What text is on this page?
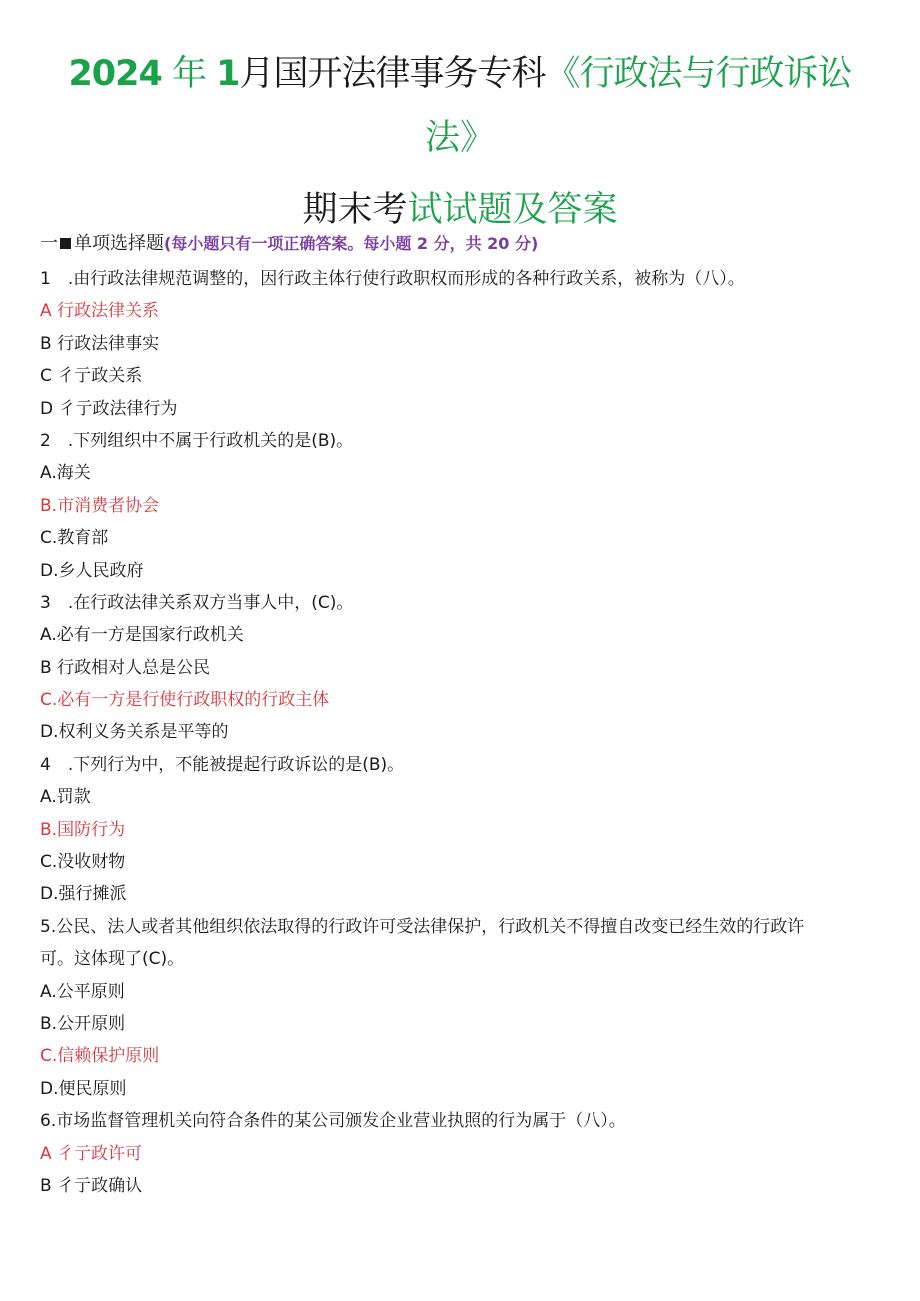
2024 年 1月国开法律事务专科《行政法与行政诉讼
法》
期末考试试题及答案
一 单项选择题(每小题只有一项正确答案。每小题 2 分，共 20 分)
1　.由行政法律规范调整的，因行政主体行使行政职权而形成的各种行政关系，被称为（八）。
A 行政法律关系
B 行政法律事实
C 彳亍政关系
D 彳亍政法律行为
2　.下列组织中不属于行政机关的是(B)。
A.海关
B.市消费者协会
C.教育部
D.乡人民政府
3　.在行政法律关系双方当事人中，(C)。
A.必有一方是国家行政机关
B 行政相对人总是公民
C.必有一方是行使行政职权的行政主体
D.权利义务关系是平等的
4　.下列行为中，不能被提起行政诉讼的是(B)。
A.罚款
B.国防行为
C.没收财物
D.强行摊派
5.公民、法人或者其他组织依法取得的行政许可受法律保护，行政机关不得擅自改变已经生效的行政许
可。这体现了(C)。
A.公平原则
B.公开原则
C.信赖保护原则
D.便民原则
6.市场监督管理机关向符合条件的某公司颁发企业营业执照的行为属于（八）。
A 彳亍政许可
B 彳亍政确认
